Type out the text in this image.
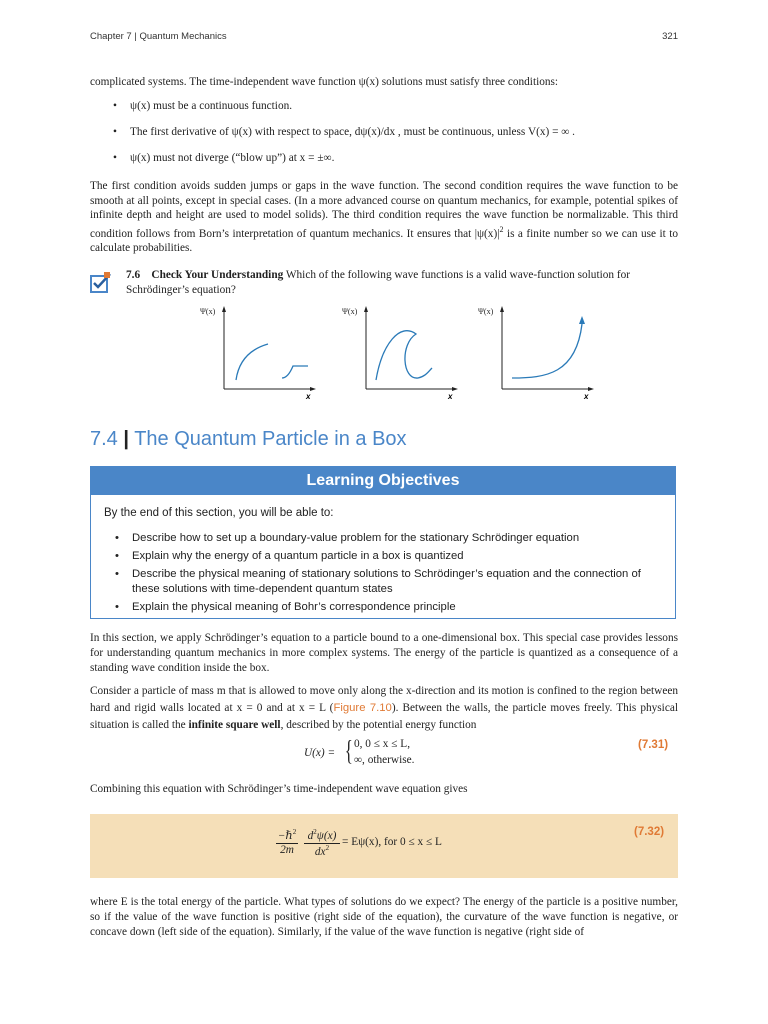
Chapter 7 | Quantum Mechanics	321
complicated systems. The time-independent wave function ψ(x) solutions must satisfy three conditions:
• ψ(x) must be a continuous function.
• The first derivative of ψ(x) with respect to space, dψ(x)/dx , must be continuous, unless V(x) = ∞ .
• ψ(x) must not diverge (“blow up”) at x = ±∞.
The first condition avoids sudden jumps or gaps in the wave function. The second condition requires the wave function to be smooth at all points, except in special cases. (In a more advanced course on quantum mechanics, for example, potential spikes of infinite depth and height are used to model solids). The third condition requires the wave function be normalizable. This third condition follows from Born’s interpretation of quantum mechanics. It ensures that $|\psi(x)|^2$ is a finite number so we can use it to calculate probabilities.
7.6 Check Your Understanding Which of the following wave functions is a valid wave-function solution for Schrödinger’s equation?
Ψ(x)
x
Ψ(x)
x
Ψ(x)
x
7.4 | The Quantum Particle in a Box
Learning Objectives
By the end of this section, you will be able to:
• Describe how to set up a boundary-value problem for the stationary Schrödinger equation
• Explain why the energy of a quantum particle in a box is quantized
• Describe the physical meaning of stationary solutions to Schrödinger’s equation and the connection of these solutions with time-dependent quantum states
• Explain the physical meaning of Bohr’s correspondence principle
In this section, we apply Schrödinger’s equation to a particle bound to a one-dimensional box. This special case provides lessons for understanding quantum mechanics in more complex systems. The energy of the particle is quantized as a consequence of a standing wave condition inside the box.
Consider a particle of mass m that is allowed to move only along the x-direction and its motion is confined to the region between hard and rigid walls located at x = 0 and at x = L (Figure 7.10). Between the walls, the particle moves freely. This physical situation is called the infinite square well, described by the potential energy function
U(x) = { 0, 0 ≤ x ≤ L,
∞, otherwise.
(7.31)
Combining this equation with Schrödinger’s time-independent wave equation gives
−ℏ$^2$
2m
$d^2\psi(x)$
$dx^2$	= Eψ(x), for 0 ≤ x ≤ L
(7.32)
where E is the total energy of the particle. What types of solutions do we expect? The energy of the particle is a positive number, so if the value of the wave function is positive (right side of the equation), the curvature of the wave function is negative, or concave down (left side of the equation). Similarly, if the value of the wave function is negative (right side of
